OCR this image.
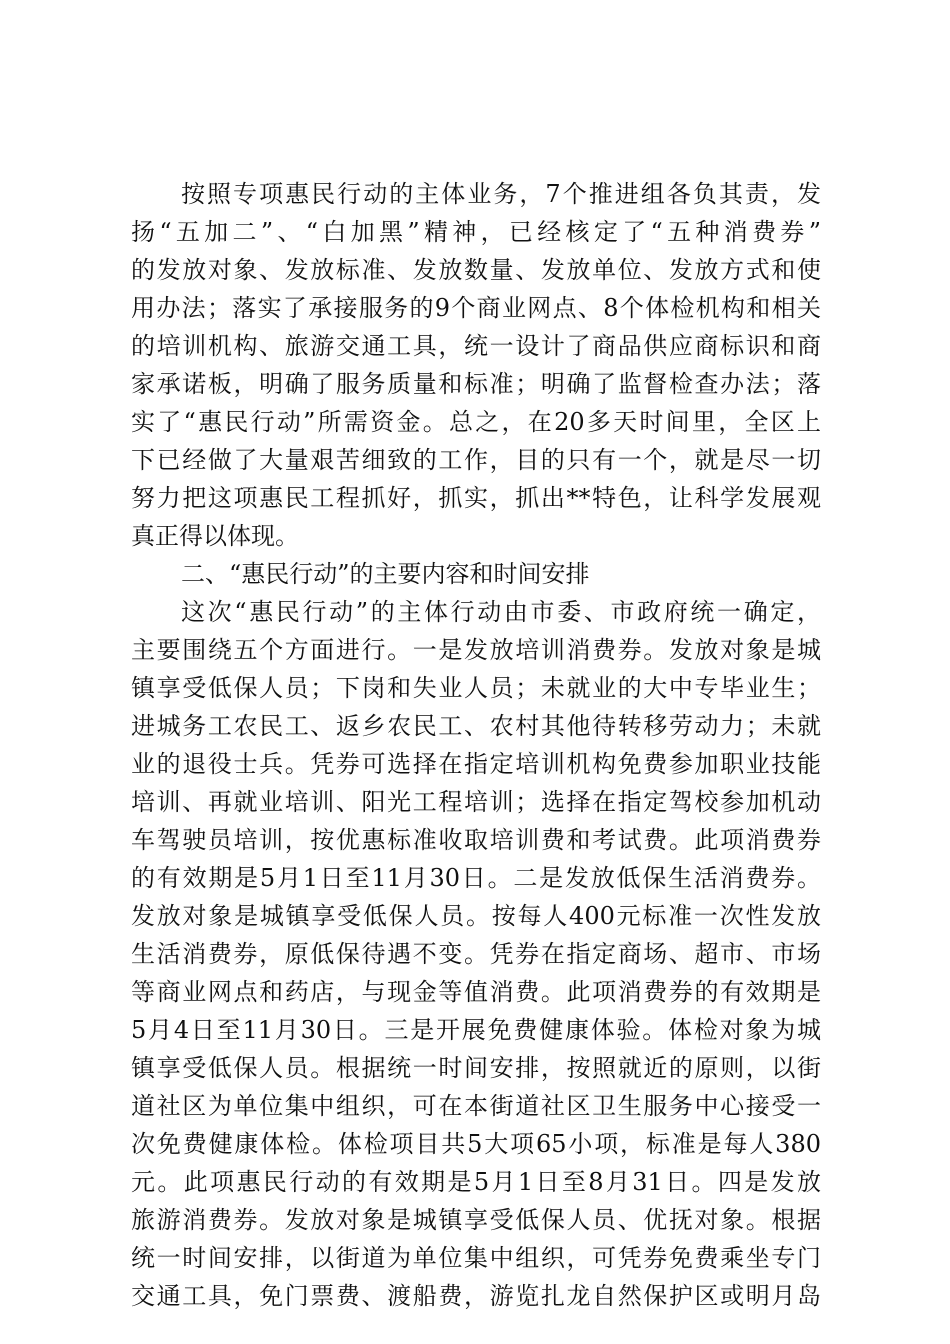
按照专项惠民行动的主体业务，7个推进组各负其责，发
扬“五加二”、“白加黑”精神，已经核定了“五种消费券”
的发放对象、发放标准、发放数量、发放单位、发放方式和使
用办法；落实了承接服务的9个商业网点、8个体检机构和相关
的培训机构、旅游交通工具，统一设计了商品供应商标识和商
家承诺板，明确了服务质量和标准；明确了监督检查办法；落
实了“惠民行动”所需资金。总之，在20多天时间里，全区上
下已经做了大量艰苦细致的工作，目的只有一个，就是尽一切
努力把这项惠民工程抓好，抓实，抓出**特色，让科学发展观
真正得以体现。
二、“惠民行动”的主要内容和时间安排
这次“惠民行动”的主体行动由市委、市政府统一确定，
主要围绕五个方面进行。一是发放培训消费券。发放对象是城
镇享受低保人员；下岗和失业人员；未就业的大中专毕业生；
进城务工农民工、返乡农民工、农村其他待转移劳动力；未就
业的退役士兵。凭券可选择在指定培训机构免费参加职业技能
培训、再就业培训、阳光工程培训；选择在指定驾校参加机动
车驾驶员培训，按优惠标准收取培训费和考试费。此项消费券
的有效期是5月1日至11月30日。二是发放低保生活消费券。
发放对象是城镇享受低保人员。按每人400元标准一次性发放
生活消费券，原低保待遇不变。凭券在指定商场、超市、市场
等商业网点和药店，与现金等值消费。此项消费券的有效期是
5月4日至11月30日。三是开展免费健康体验。体检对象为城
镇享受低保人员。根据统一时间安排，按照就近的原则，以街
道社区为单位集中组织，可在本街道社区卫生服务中心接受一
次免费健康体检。体检项目共5大项65小项，标准是每人380
元。此项惠民行动的有效期是5月1日至8月31日。四是发放
旅游消费券。发放对象是城镇享受低保人员、优抚对象。根据
统一时间安排，以街道为单位集中组织，可凭券免费乘坐专门
交通工具，免门票费、渡船费，游览扎龙自然保护区或明月岛
